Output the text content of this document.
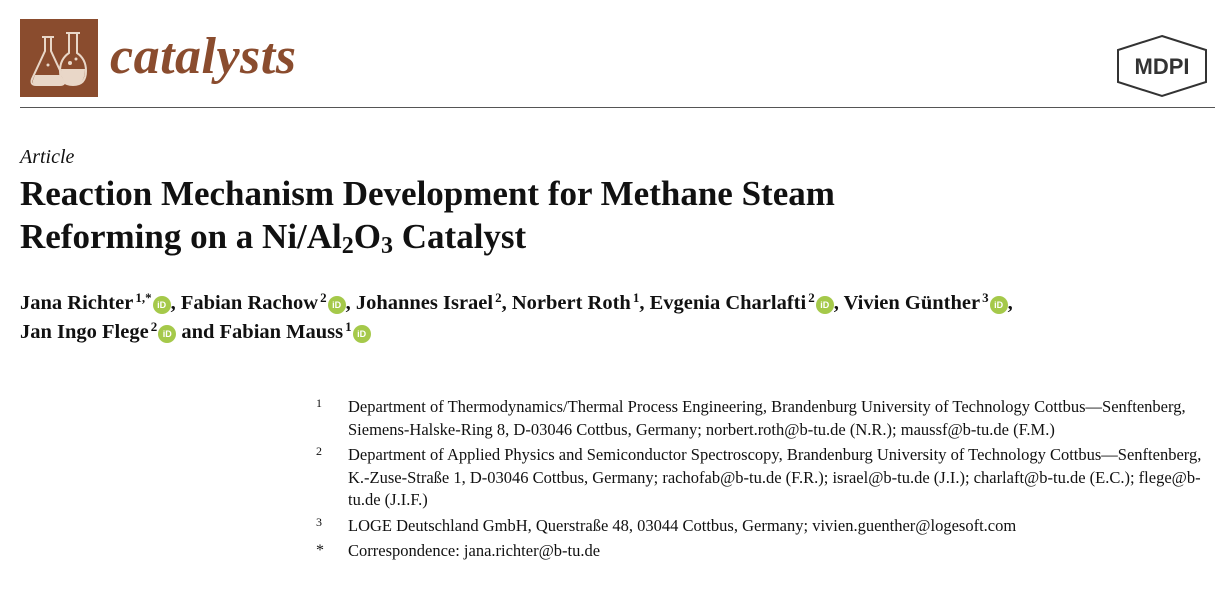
catalysts	MDPI
Article
Reaction Mechanism Development for Methane Steam
Reforming on a $Ni/Al_2O_3$ Catalyst

Jana Richter $^{1,*}$ iD , Fabian Rachow $^2$ iD , Johannes Israel $^2$, Norbert Roth $^1$, Evgenia Charlafti $^2$ iD , Vivien Günther $^3$ iD ,
Jan Ingo Flege $^2$ iD and Fabian Mauss $^1$ iD

1 Department of Thermodynamics/Thermal Process Engineering, Brandenburg University of Technology Cottbus—Senftenberg, Siemens-Halske-Ring 8, D-03046 Cottbus, Germany; norbert.roth@b-tu.de (N.R.); maussf@b-tu.de (F.M.)
2 Department of Applied Physics and Semiconductor Spectroscopy, Brandenburg University of Technology Cottbus—Senftenberg, K.-Zuse-Straße 1, D-03046 Cottbus, Germany; rachofab@b-tu.de (F.R.); israel@b-tu.de (J.I.); charlaft@b-tu.de (E.C.); flege@b-tu.de (J.I.F.)
3 LOGE Deutschland GmbH, Querstraße 48, 03044 Cottbus, Germany; vivien.guenther@logesoft.com
* Correspondence: jana.richter@b-tu.de
